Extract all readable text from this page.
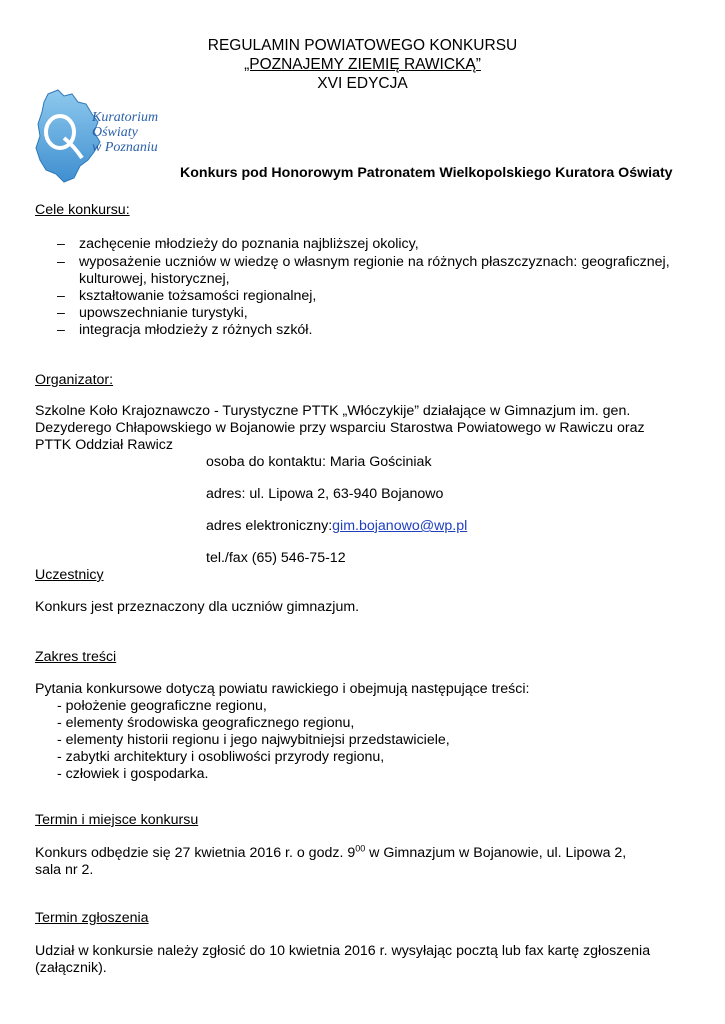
REGULAMIN POWIATOWEGO KONKURSU
„POZNAJEMY ZIEMIĘ RAWICKĄ”
XVI EDYCJA
Kuratorium
Oświaty
w Poznaniu
Konkurs pod Honorowym Patronatem Wielkopolskiego Kuratora Oświaty
Cele konkursu:
– zachęcenie młodzieży do poznania najbliższej okolicy,
– wyposażenie uczniów w wiedzę o własnym regionie na różnych płaszczyznach: geograficznej,
kulturowej, historycznej,
– kształtowanie tożsamości regionalnej,
– upowszechnianie turystyki,
– integracja młodzieży z różnych szkół.
Organizator:
Szkolne Koło Krajoznawczo - Turystyczne PTTK „Włóczykije” działające w Gimnazjum im. gen.
Dezyderego Chłapowskiego w Bojanowie przy wsparciu Starostwa Powiatowego w Rawiczu oraz
PTTK Oddział Rawicz
osoba do kontaktu: Maria Gościniak
adres: ul. Lipowa 2, 63-940 Bojanowo
adres elektroniczny:gim.bojanowo@wp.pl
tel./fax (65) 546-75-12
Uczestnicy
Konkurs jest przeznaczony dla uczniów gimnazjum.
Zakres treści
Pytania konkursowe dotyczą powiatu rawickiego i obejmują następujące treści:
- położenie geograficzne regionu,
- elementy środowiska geograficznego regionu,
- elementy historii regionu i jego najwybitniejsi przedstawiciele,
- zabytki architektury i osobliwości przyrody regionu,
- człowiek i gospodarka.
Termin i miejsce konkursu
Konkurs odbędzie się 27 kwietnia 2016 r. o godz. $9^{00}$ w Gimnazjum w Bojanowie, ul. Lipowa 2,
sala nr 2.
Termin zgłoszenia
Udział w konkursie należy zgłosić do 10 kwietnia 2016 r. wysyłając pocztą lub fax kartę zgłoszenia
(załącznik).
